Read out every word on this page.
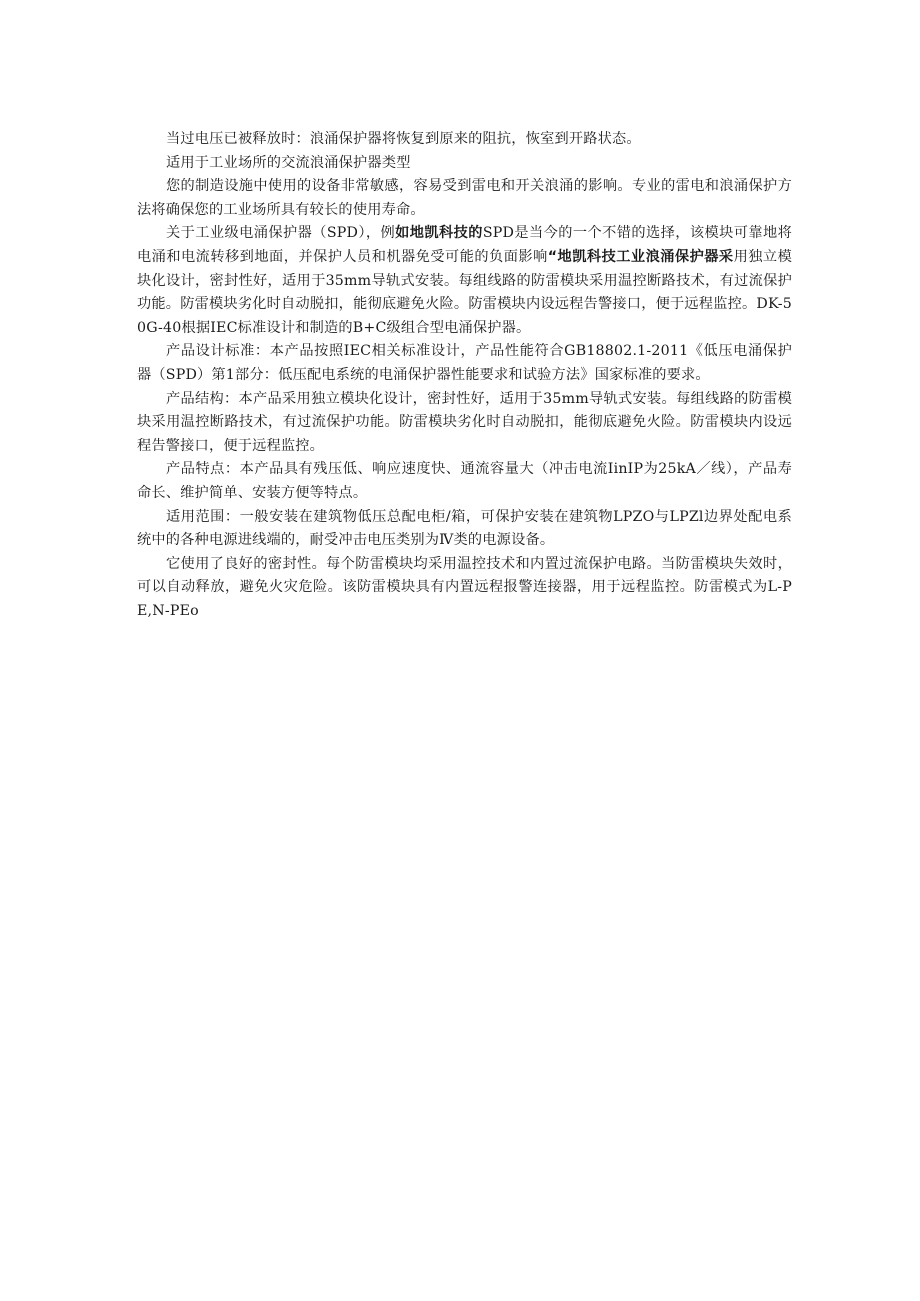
当过电压已被释放时：浪涌保护器将恢复到原来的阻抗，恢室到开路状态。

适用于工业场所的交流浪涌保护器类型

您的制造设施中使用的设备非常敏感，容易受到雷电和开关浪涌的影响。专业的雷电和浪涌保护方法将确保您的工业场所具有较长的使用寿命。

关于工业级电涌保护器（SPD），例如地凯科技的SPD是当今的一个不错的选择，该模块可靠地将电涌和电流转移到地面，并保护人员和机器免受可能的负面影响“地凯科技工业浪涌保护器采用独立模块化设计，密封性好，适用于35mm导轨式安装。每组线路的防雷模块采用温控断路技术，有过流保护功能。防雷模块劣化时自动脱扣，能彻底避免火险。防雷模块内设远程告警接口，便于远程监控。DK-50G-40根据IEC标准设计和制造的B+C级组合型电涌保护器。

产品设计标准：本产品按照IEC相关标准设计，产品性能符合GB18802.1-2011《低压电涌保护器（SPD）第1部分：低压配电系统的电涌保护器性能要求和试验方法》国家标准的要求。

产品结构：本产品采用独立模块化设计，密封性好，适用于35mm导轨式安装。每组线路的防雷模块采用温控断路技术，有过流保护功能。防雷模块劣化时自动脱扣，能彻底避免火险。防雷模块内设远程告警接口，便于远程监控。

产品特点：本产品具有残压低、响应速度快、通流容量大（冲击电流IinIP为25kA／线），产品寿命长、维护简单、安装方便等特点。

适用范围：一般安装在建筑物低压总配电柜/箱，可保护安装在建筑物LPZO与LPZl边界处配电系统中的各种电源进线端的，耐受冲击电压类别为Ⅳ类的电源设备。

它使用了良好的密封性。每个防雷模块均采用温控技术和内置过流保护电路。当防雷模块失效时，可以自动释放，避免火灾危险。该防雷模块具有内置远程报警连接器，用于远程监控。防雷模式为L-PE,N-PEo
